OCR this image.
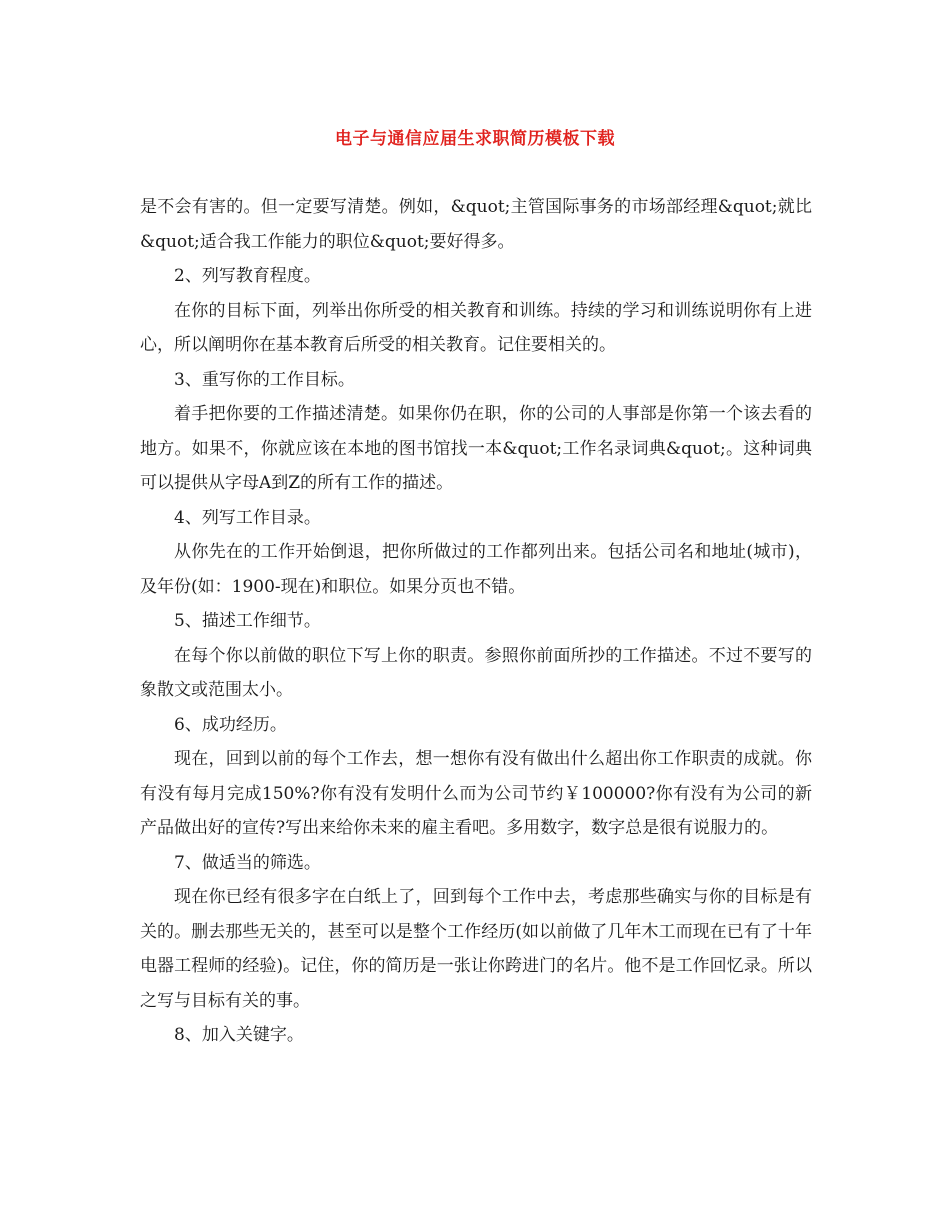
电子与通信应届生求职简历模板下载

是不会有害的。但一定要写清楚。例如，&quot;主管国际事务的市场部经理&quot;就比&quot;适合我工作能力的职位&quot;要好得多。

2、列写教育程度。

在你的目标下面，列举出你所受的相关教育和训练。持续的学习和训练说明你有上进心，所以阐明你在基本教育后所受的相关教育。记住要相关的。

3、重写你的工作目标。

着手把你要的工作描述清楚。如果你仍在职，你的公司的人事部是你第一个该去看的地方。如果不，你就应该在本地的图书馆找一本&quot;工作名录词典&quot;。这种词典可以提供从字母A到Z的所有工作的描述。

4、列写工作目录。

从你先在的工作开始倒退，把你所做过的工作都列出来。包括公司名和地址(城市)，及年份(如：1900-现在)和职位。如果分页也不错。

5、描述工作细节。

在每个你以前做的职位下写上你的职责。参照你前面所抄的工作描述。不过不要写的象散文或范围太小。

6、成功经历。

现在，回到以前的每个工作去，想一想你有没有做出什么超出你工作职责的成就。你有没有每月完成150%?你有没有发明什么而为公司节约￥100000?你有没有为公司的新产品做出好的宣传?写出来给你未来的雇主看吧。多用数字，数字总是很有说服力的。

7、做适当的筛选。

现在你已经有很多字在白纸上了，回到每个工作中去，考虑那些确实与你的目标是有关的。删去那些无关的，甚至可以是整个工作经历(如以前做了几年木工而现在已有了十年电器工程师的经验)。记住，你的简历是一张让你跨进门的名片。他不是工作回忆录。所以之写与目标有关的事。

8、加入关键字。
